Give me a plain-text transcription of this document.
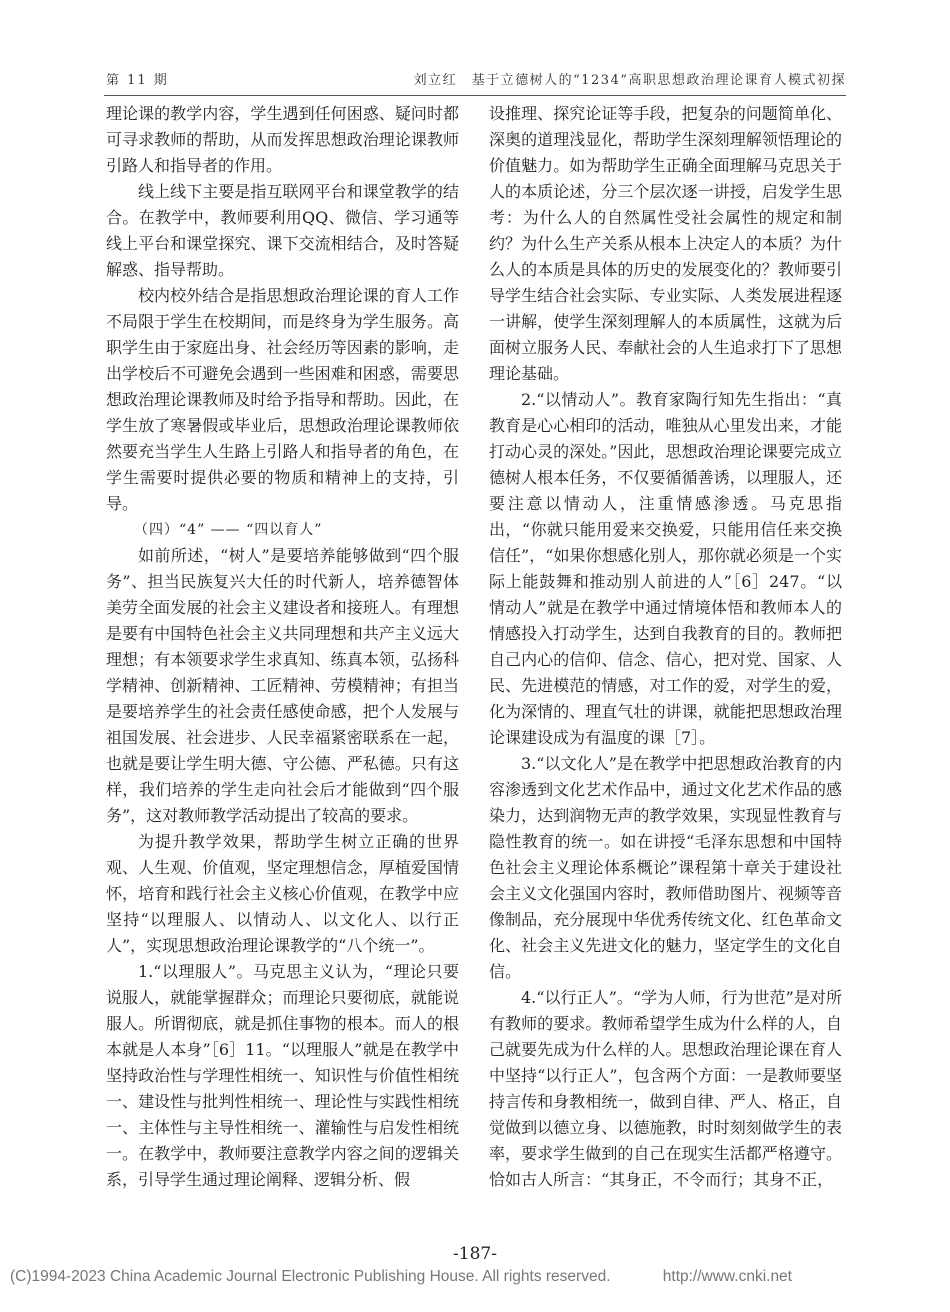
第 11 期	刘立红　基于立德树人的“1234”高职思想政治理论课育人模式初探

理论课的教学内容，学生遇到任何困惑、疑问时都可寻求教师的帮助，从而发挥思想政治理论课教师引路人和指导者的作用。

线上线下主要是指互联网平台和课堂教学的结合。在教学中，教师要利用QQ、微信、学习通等线上平台和课堂探究、课下交流相结合，及时答疑解惑、指导帮助。

校内校外结合是指思想政治理论课的育人工作不局限于学生在校期间，而是终身为学生服务。高职学生由于家庭出身、社会经历等因素的影响，走出学校后不可避免会遇到一些困难和困惑，需要思想政治理论课教师及时给予指导和帮助。因此，在学生放了寒暑假或毕业后，思想政治理论课教师依然要充当学生人生路上引路人和指导者的角色，在学生需要时提供必要的物质和精神上的支持，引导。

（四）“4” —— “四以育人”

如前所述，“树人”是要培养能够做到“四个服务”、担当民族复兴大任的时代新人，培养德智体美劳全面发展的社会主义建设者和接班人。有理想是要有中国特色社会主义共同理想和共产主义远大理想；有本领要求学生求真知、练真本领，弘扬科学精神、创新精神、工匠精神、劳模精神；有担当是要培养学生的社会责任感使命感，把个人发展与祖国发展、社会进步、人民幸福紧密联系在一起，也就是要让学生明大德、守公德、严私德。只有这样，我们培养的学生走向社会后才能做到“四个服务”，这对教师教学活动提出了较高的要求。

为提升教学效果，帮助学生树立正确的世界观、人生观、价值观，坚定理想信念，厚植爱国情怀，培育和践行社会主义核心价值观，在教学中应坚持“以理服人、以情动人、以文化人、以行正人”，实现思想政治理论课教学的“八个统一”。

1.“以理服人”。马克思主义认为，“理论只要说服人，就能掌握群众；而理论只要彻底，就能说服人。所谓彻底，就是抓住事物的根本。而人的根本就是人本身”［6］11。“以理服人”就是在教学中坚持政治性与学理性相统一、知识性与价值性相统一、建设性与批判性相统一、理论性与实践性相统一、主体性与主导性相统一、灌输性与启发性相统一。在教学中，教师要注意教学内容之间的逻辑关系，引导学生通过理论阐释、逻辑分析、假

设推理、探究论证等手段，把复杂的问题简单化、深奥的道理浅显化，帮助学生深刻理解领悟理论的价值魅力。如为帮助学生正确全面理解马克思关于人的本质论述，分三个层次逐一讲授，启发学生思考：为什么人的自然属性受社会属性的规定和制约？为什么生产关系从根本上决定人的本质？为什么人的本质是具体的历史的发展变化的？教师要引导学生结合社会实际、专业实际、人类发展进程逐一讲解，使学生深刻理解人的本质属性，这就为后面树立服务人民、奉献社会的人生追求打下了思想理论基础。

2.“以情动人”。教育家陶行知先生指出：“真教育是心心相印的活动，唯独从心里发出来，才能打动心灵的深处。”因此，思想政治理论课要完成立德树人根本任务，不仅要循循善诱，以理服人，还要注意以情动人，注重情感渗透。马克思指出，“你就只能用爱来交换爱，只能用信任来交换信任”，“如果你想感化别人，那你就必须是一个实际上能鼓舞和推动别人前进的人”［6］247。“以情动人”就是在教学中通过情境体悟和教师本人的情感投入打动学生，达到自我教育的目的。教师把自己内心的信仰、信念、信心，把对党、国家、人民、先进模范的情感，对工作的爱，对学生的爱，化为深情的、理直气壮的讲课，就能把思想政治理论课建设成为有温度的课［7］。

3.“以文化人”是在教学中把思想政治教育的内容渗透到文化艺术作品中，通过文化艺术作品的感染力，达到润物无声的教学效果，实现显性教育与隐性教育的统一。如在讲授“毛泽东思想和中国特色社会主义理论体系概论”课程第十章关于建设社会主义文化强国内容时，教师借助图片、视频等音像制品，充分展现中华优秀传统文化、红色革命文化、社会主义先进文化的魅力，坚定学生的文化自信。

4.“以行正人”。“学为人师，行为世范”是对所有教师的要求。教师希望学生成为什么样的人，自己就要先成为什么样的人。思想政治理论课在育人中坚持“以行正人”，包含两个方面：一是教师要坚持言传和身教相统一，做到自律、严人、格正，自觉做到以德立身、以德施教，时时刻刻做学生的表率，要求学生做到的自己在现实生活都严格遵守。恰如古人所言：“其身正，不令而行；其身不正，

-187-
(C)1994-2023 China Academic Journal Electronic Publishing House. All rights reserved.	http://www.cnki.net
